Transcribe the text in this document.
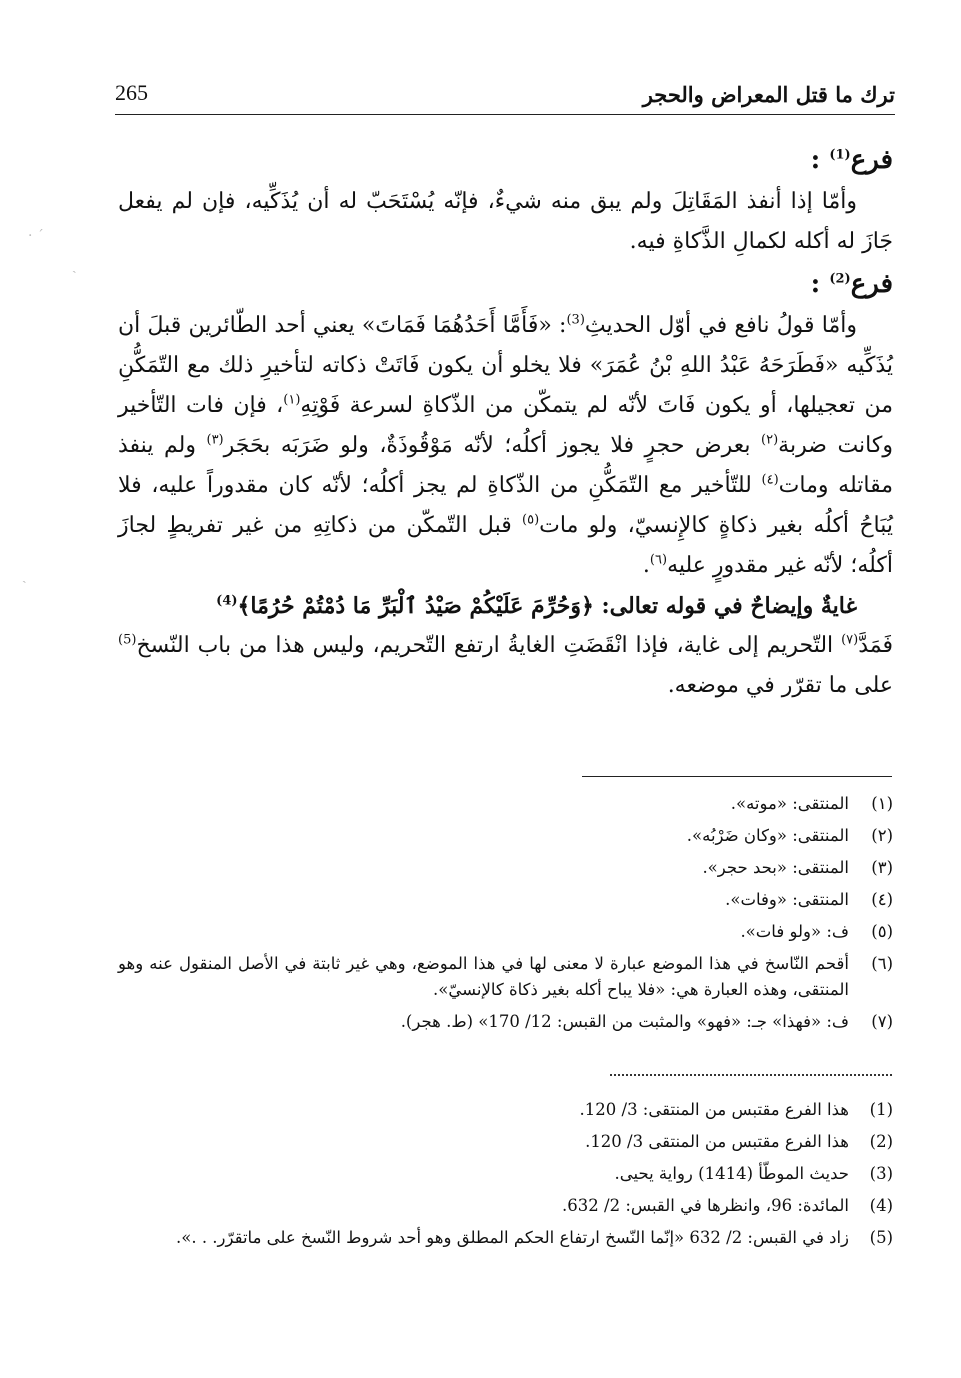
ترك ما قتل المعراض والحجر
265

فرع$^{(1)}$ :

وأمّا إذا أنفذ المَقَاتِلَ ولم يبق منه شيءٌ، فإنّه يُسْتَحَبّ له أن يُذَكِّيه، فإن لم يفعل جَازَ له أكله لكمالِ الذَّكاةِ فيه.

فرع$^{(2)}$ :

وأمّا قولُ نافع في أوّل الحديثِ$^{(3)}$: «فَأَمَّا أَحَدُهُمَا فَمَاتَ» يعني أحد الطّائرين قبلَ أن يُذَكِّيه «فَطَرَحَهُ عَبْدُ اللهِ بْنُ عُمَرَ» فلا يخلو أن يكون فَاتَتْ ذكاته لتأخيرِ ذلك مع التّمَكُّنِ من تعجيلها، أو يكون فَاتَ لأنّه لم يتمكّن من الذّكاةِ لسرعة فَوْتِهِ$^{(١)}$، فإن فات التّأخير وكانت ضربة$^{(٢)}$ بعرض حجرٍ فلا يجوز أكلُه؛ لأنّه مَوْقُوذَةٌ، ولو ضَرَبَه بحَجَر$^{(٣)}$ ولم ينفذ مقاتله ومات$^{(٤)}$ للتّأخير مع التّمَكُّنِ من الذّكاةِ لم يجز أكلُه؛ لأنّه كان مقدوراً عليه، فلا يُبَاحُ أكلُه بغير ذكاةٍ كالإِنسيّ، ولو مات$^{(٥)}$ قبل التّمكّن من ذكاتِهِ من غير تفريطٍ لجازَ أكلُه؛ لأنّه غير مقدورٍ عليه$^{(٦)}$.

غايةٌ وإيضاحٌ في قوله تعالى: ﴿وَحُرِّمَ عَلَيْكُمْ صَيْدُ ٱلْبَرِّ مَا دُمْتُمْ حُرُمًا﴾$^{(4)}$

فَمَدَّ$^{(٧)}$ التّحريم إلى غاية، فإذا انْقَضَتِ الغايةُ ارتفع التّحريم، وليس هذا من باب النّسخ$^{(5)}$ على ما تقرّر في موضعه.

(١)
المنتقى: «موته».
(٢)
المنتقى: «وكان ضَرْبُه».
(٣)
المنتقى: «بحد حجر».
(٤)
المنتقى: «وفات».
(٥)
ف: «ولو فات».
(٦)
أقحم النّاسخ في هذا الموضع عبارة لا معنى لها في هذا الموضع، وهي غير ثابتة في الأصل المنقول عنه وهو المنتقى، وهذه العبارة هي: «فلا يباح أكله بغير ذكاة كالإنسيّ».
(٧)
ف: «فهذا» جـ: «فهو» والمثبت من القبس: 12/ 170» (ط. هجر).
(1)
هذا الفرع مقتبس من المنتقى: 3/ 120.
(2)
هذا الفرع مقتبس من المنتقى 3/ 120.
(3)
حديث الموطّأ (1414) رواية يحيى.
(4)
المائدة: 96، وانظرها في القبس: 2/ 632.
(5)
زاد في القبس: 2/ 632 «إنّما النّسخ ارتفاع الحكم المطلق وهو أحد شروط النّسخ على ماتقرّر. . .».
· ˊ
ˎ
ˏ
